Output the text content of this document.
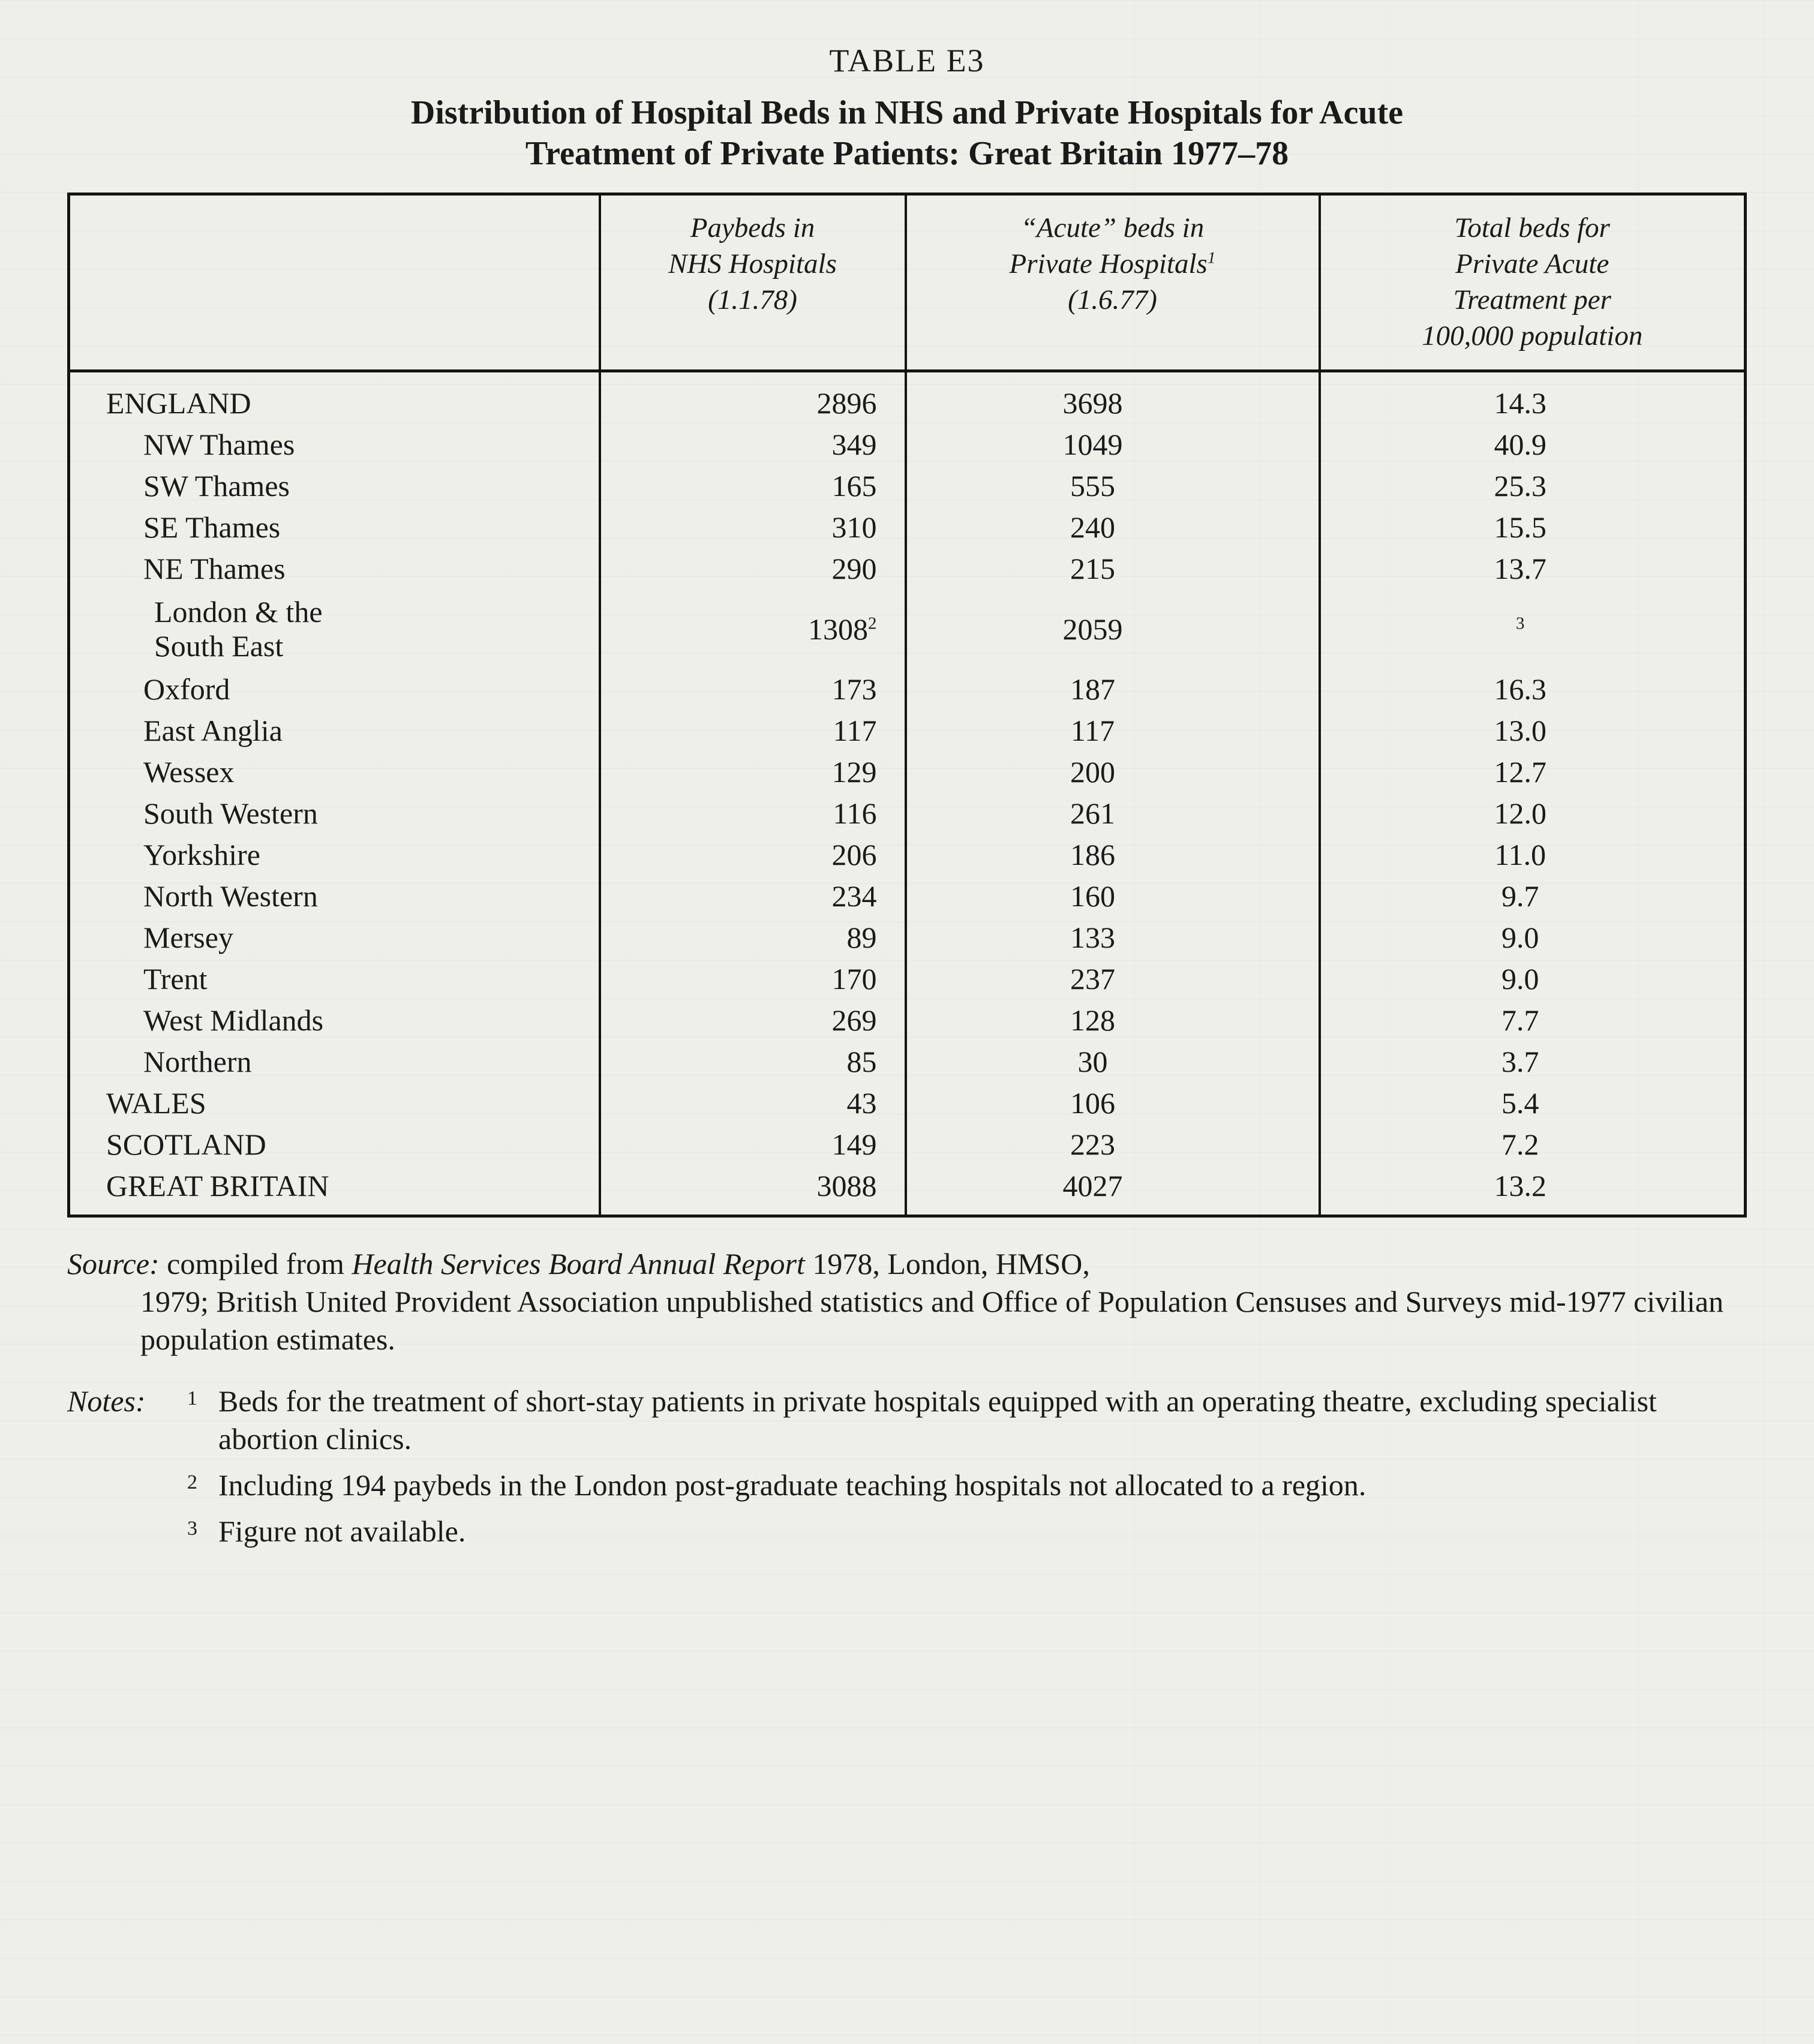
TABLE E3
Distribution of Hospital Beds in NHS and Private Hospitals for Acute
Treatment of Private Patients: Great Britain 1977–78

Paybeds in
NHS Hospitals
(1.1.78)

“Acute” beds in
Private Hospitals$^1$
(1.6.77)

Total beds for
Private Acute
Treatment per
100,000 population

ENGLAND	2896	3698	14.3
NW Thames	349	1049	40.9
SW Thames	165	555	25.3
SE Thames	310	240	15.5
NE Thames	290	215	13.7

London & the
South East	1308$^2$	2059	$^3$
Oxford	173	187	16.3
East Anglia	117	117	13.0
Wessex	129	200	12.7
South Western	116	261	12.0
Yorkshire	206	186	11.0
North Western	234	160	9.7
Mersey	89	133	9.0
Trent	170	237	9.0
West Midlands	269	128	7.7
Northern	85	30	3.7
WALES	43	106	5.4
SCOTLAND	149	223	7.2
GREAT BRITAIN	3088	4027	13.2
Source: compiled from Health Services Board Annual Report 1978, London, HMSO,
1979; British United Provident Association unpublished statistics and Office of Population Censuses and Surveys mid-1977 civilian population estimates.
Notes:	1 Beds for the treatment of short-stay patients in private hospitals equipped with an operating theatre, excluding specialist abortion clinics.
2 Including 194 paybeds in the London post-graduate teaching hospitals not allocated to a region.
3 Figure not available.
